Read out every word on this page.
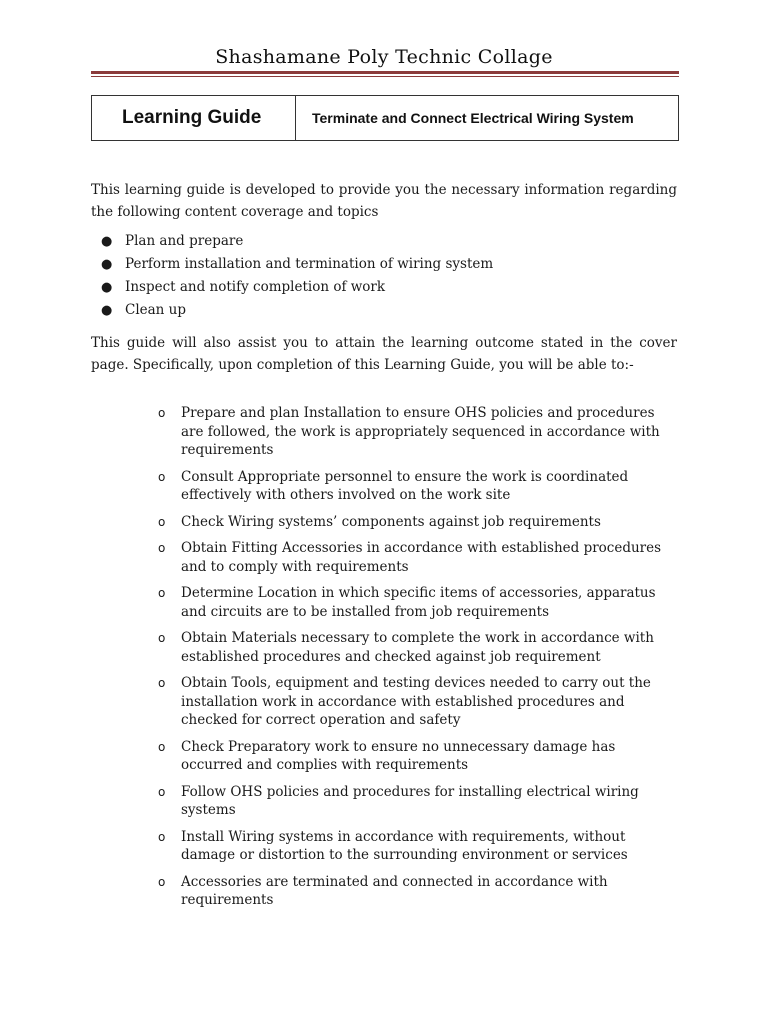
Shashamane Poly Technic Collage
Learning Guide	Terminate and Connect Electrical Wiring System

This learning guide is developed to provide you the necessary information regarding the following content coverage and topics

● Plan and prepare
● Perform installation and termination of wiring system
● Inspect and notify completion of work
● Clean up

This guide will also assist you to attain the learning outcome stated in the cover page. Specifically, upon completion of this Learning Guide, you will be able to:-

o Prepare and plan Installation to ensure OHS policies and procedures are followed, the work is appropriately sequenced in accordance with requirements
o Consult Appropriate personnel to ensure the work is coordinated effectively with others involved on the work site
o Check Wiring systems’ components against job requirements
o Obtain Fitting Accessories in accordance with established procedures and to comply with requirements
o Determine Location in which specific items of accessories, apparatus and circuits are to be installed from job requirements
o Obtain Materials necessary to complete the work in accordance with established procedures and checked against job requirement
o Obtain Tools, equipment and testing devices needed to carry out the installation work in accordance with established procedures and checked for correct operation and safety
o Check Preparatory work to ensure no unnecessary damage has occurred and complies with requirements
o Follow OHS policies and procedures for installing electrical wiring systems
o Install Wiring systems in accordance with requirements, without damage or distortion to the surrounding environment or services
o Accessories are terminated and connected in accordance with requirements
